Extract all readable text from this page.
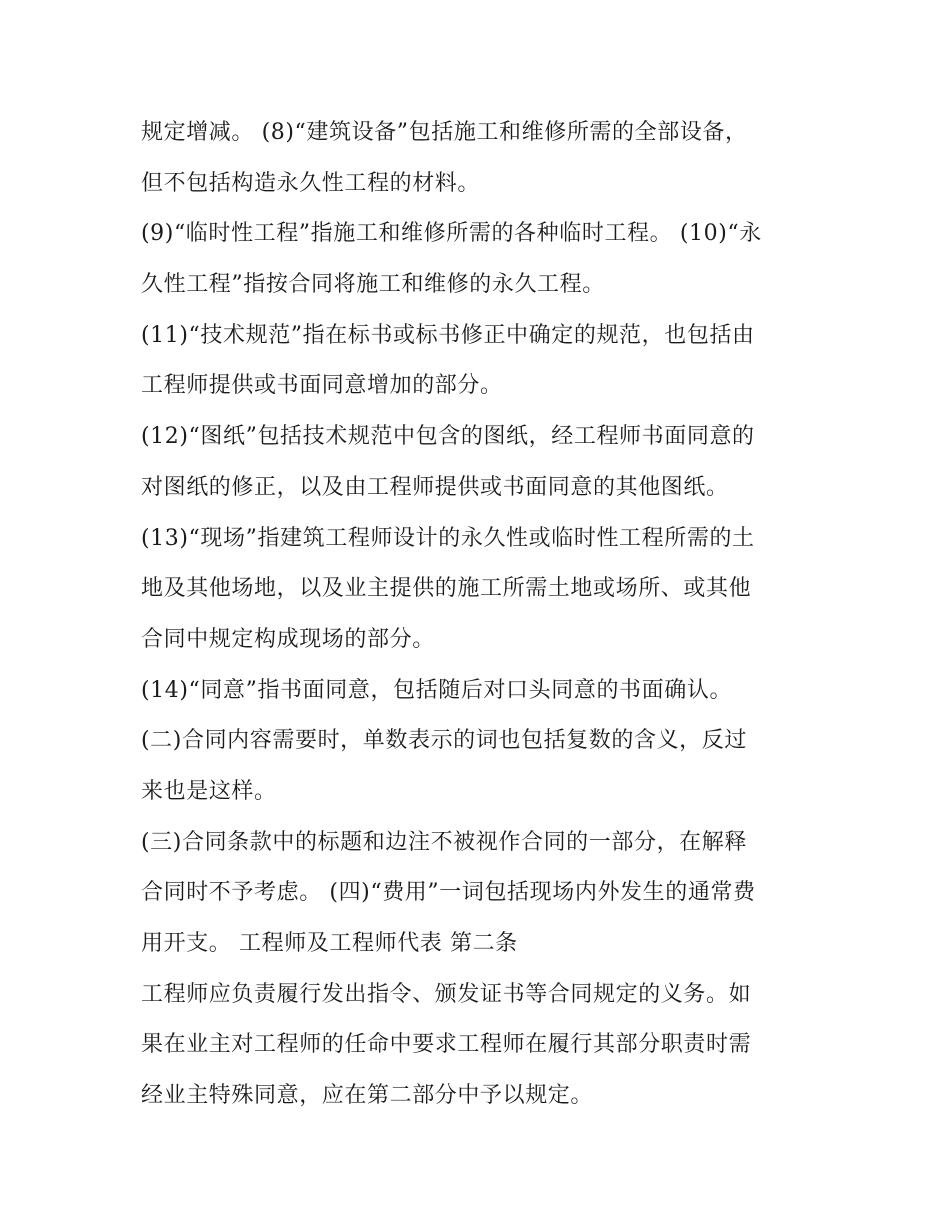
规定增减。 (8)“建筑设备”包括施工和维修所需的全部设备，
但不包括构造永久性工程的材料。
(9)“临时性工程”指施工和维修所需的各种临时工程。 (10)“永
久性工程”指按合同将施工和维修的永久工程。
(11)“技术规范”指在标书或标书修正中确定的规范，也包括由
工程师提供或书面同意增加的部分。
(12)“图纸”包括技术规范中包含的图纸，经工程师书面同意的
对图纸的修正，以及由工程师提供或书面同意的其他图纸。
(13)“现场”指建筑工程师设计的永久性或临时性工程所需的土
地及其他场地，以及业主提供的施工所需土地或场所、或其他
合同中规定构成现场的部分。
(14)“同意”指书面同意，包括随后对口头同意的书面确认。
(二)合同内容需要时，单数表示的词也包括复数的含义，反过
来也是这样。
(三)合同条款中的标题和边注不被视作合同的一部分，在解释
合同时不予考虑。 (四)“费用”一词包括现场内外发生的通常费
用开支。 工程师及工程师代表 第二条
工程师应负责履行发出指令、颁发证书等合同规定的义务。如
果在业主对工程师的任命中要求工程师在履行其部分职责时需
经业主特殊同意，应在第二部分中予以规定。
